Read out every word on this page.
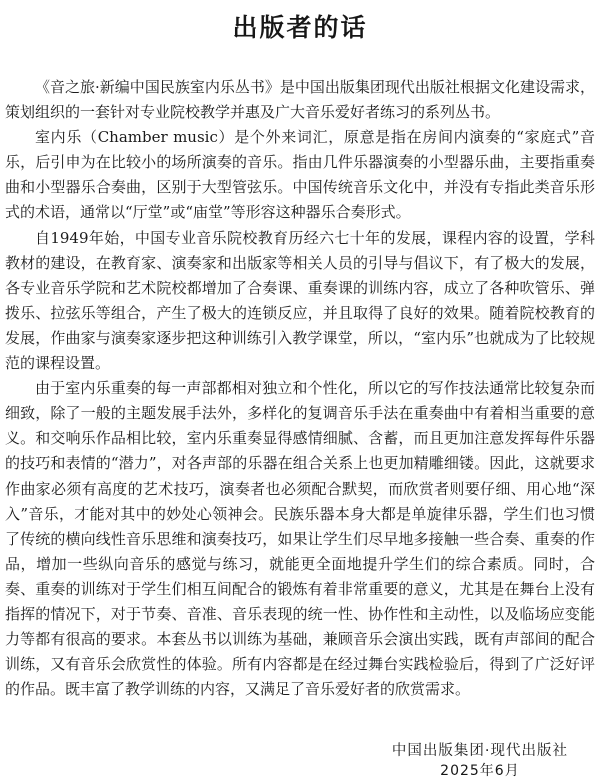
出版者的话

《音之旅·新编中国民族室内乐丛书》是中国出版集团现代出版社根据文化建设需求，策划组织的一套针对专业院校教学并惠及广大音乐爱好者练习的系列丛书。

室内乐（Chamber music）是个外来词汇，原意是指在房间内演奏的“家庭式”音乐，后引申为在比较小的场所演奏的音乐。指由几件乐器演奏的小型器乐曲，主要指重奏曲和小型器乐合奏曲，区别于大型管弦乐。中国传统音乐文化中，并没有专指此类音乐形式的术语，通常以“厅堂”或“庙堂”等形容这种器乐合奏形式。

自1949年始，中国专业音乐院校教育历经六七十年的发展，课程内容的设置，学科教材的建设，在教育家、演奏家和出版家等相关人员的引导与倡议下，有了极大的发展，各专业音乐学院和艺术院校都增加了合奏课、重奏课的训练内容，成立了各种吹管乐、弹拨乐、拉弦乐等组合，产生了极大的连锁反应，并且取得了良好的效果。随着院校教育的发展，作曲家与演奏家逐步把这种训练引入教学课堂，所以，“室内乐”也就成为了比较规范的课程设置。

由于室内乐重奏的每一声部都相对独立和个性化，所以它的写作技法通常比较复杂而细致，除了一般的主题发展手法外，多样化的复调音乐手法在重奏曲中有着相当重要的意义。和交响乐作品相比较，室内乐重奏显得感情细腻、含蓄，而且更加注意发挥每件乐器的技巧和表情的“潜力”，对各声部的乐器在组合关系上也更加精雕细镂。因此，这就要求作曲家必须有高度的艺术技巧，演奏者也必须配合默契，而欣赏者则要仔细、用心地“深入”音乐，才能对其中的妙处心领神会。民族乐器本身大都是单旋律乐器，学生们也习惯了传统的横向线性音乐思维和演奏技巧，如果让学生们尽早地多接触一些合奏、重奏的作品，增加一些纵向音乐的感觉与练习，就能更全面地提升学生们的综合素质。同时，合奏、重奏的训练对于学生们相互间配合的锻炼有着非常重要的意义，尤其是在舞台上没有指挥的情况下，对于节奏、音准、音乐表现的统一性、协作性和主动性，以及临场应变能力等都有很高的要求。本套丛书以训练为基础，兼顾音乐会演出实践，既有声部间的配合训练，又有音乐会欣赏性的体验。所有内容都是在经过舞台实践检验后，得到了广泛好评的作品。既丰富了教学训练的内容，又满足了音乐爱好者的欣赏需求。

中国出版集团·现代出版社
2025年6月
